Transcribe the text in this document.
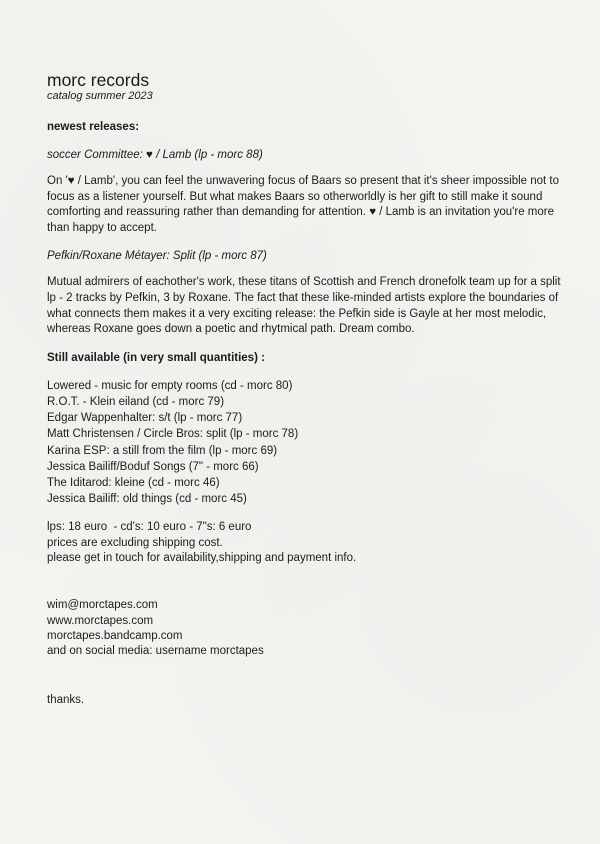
morc records
catalog summer 2023
newest releases:
soccer Committee: ♥ / Lamb (lp - morc 88)

On '♥ / Lamb', you can feel the unwavering focus of Baars so present that it's sheer impossible not to focus as a listener yourself. But what makes Baars so otherworldly is her gift to still make it sound comforting and reassuring rather than demanding for attention. ♥ / Lamb is an invitation you're more than happy to accept.

Pefkin/Roxane Métayer: Split (lp - morc 87)

Mutual admirers of eachother's work, these titans of Scottish and French dronefolk team up for a split lp - 2 tracks by Pefkin, 3 by Roxane. The fact that these like-minded artists explore the boundaries of what connects them makes it a very exciting release: the Pefkin side is Gayle at her most melodic, whereas Roxane goes down a poetic and rhytmical path. Dream combo.

Still available (in very small quantities) :
Lowered - music for empty rooms (cd - morc 80)
R.O.T. - Klein eiland (cd - morc 79)
Edgar Wappenhalter: s/t (lp - morc 77)
Matt Christensen / Circle Bros: split (lp - morc 78)
Karina ESP: a still from the film (lp - morc 69)
Jessica Bailiff/Boduf Songs (7" - morc 66)
The Iditarod: kleine (cd - morc 46)
Jessica Bailiff: old things (cd - morc 45)
lps: 18 euro  - cd's: 10 euro - 7"s: 6 euro
prices are excluding shipping cost.
please get in touch for availability,shipping and payment info.
wim@morctapes.com
www.morctapes.com
morctapes.bandcamp.com
and on social media: username morctapes
thanks.
